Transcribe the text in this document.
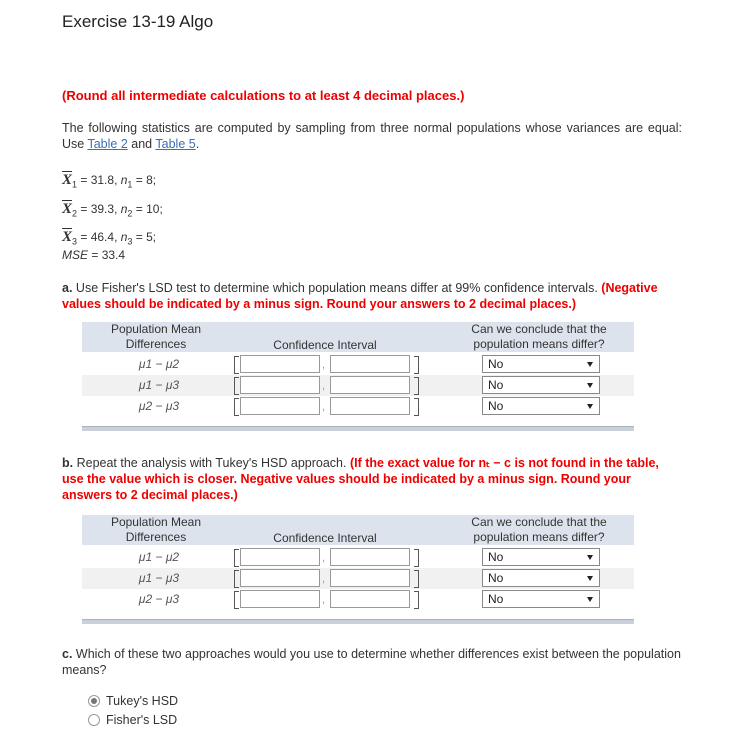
Exercise 13-19 Algo
(Round all intermediate calculations to at least 4 decimal places.)
The following statistics are computed by sampling from three normal populations whose variances are equal: Use Table 2 and Table 5.
$\overline{X}_1 = 31.8$, $n_1 = 8$;
$\overline{X}_2 = 39.3$, $n_2 = 10$;
$\overline{X}_3 = 46.4$, $n_3 = 5$;
MSE = 33.4
a. Use Fisher's LSD test to determine which population means differ at 99% confidence intervals. (Negative values should be indicated by a minus sign. Round your answers to 2 decimal places.)
Population Mean
Differences	Confidence Interval
Can we conclude that the
population means differ?
μ1 − μ2	,	No
μ1 − μ3	,	No
μ2 − μ3	,	No
b. Repeat the analysis with Tukey's HSD approach. (If the exact value for nₜ − c is not found in the table, use the value which is closer. Negative values should be indicated by a minus sign. Round your answers to 2 decimal places.)
Population Mean
Differences	Confidence Interval
Can we conclude that the
population means differ?
μ1 − μ2	,	No
μ1 − μ3	,	No
μ2 − μ3	,	No
c. Which of these two approaches would you use to determine whether differences exist between the population means?
Tukey's HSD
Fisher's LSD
